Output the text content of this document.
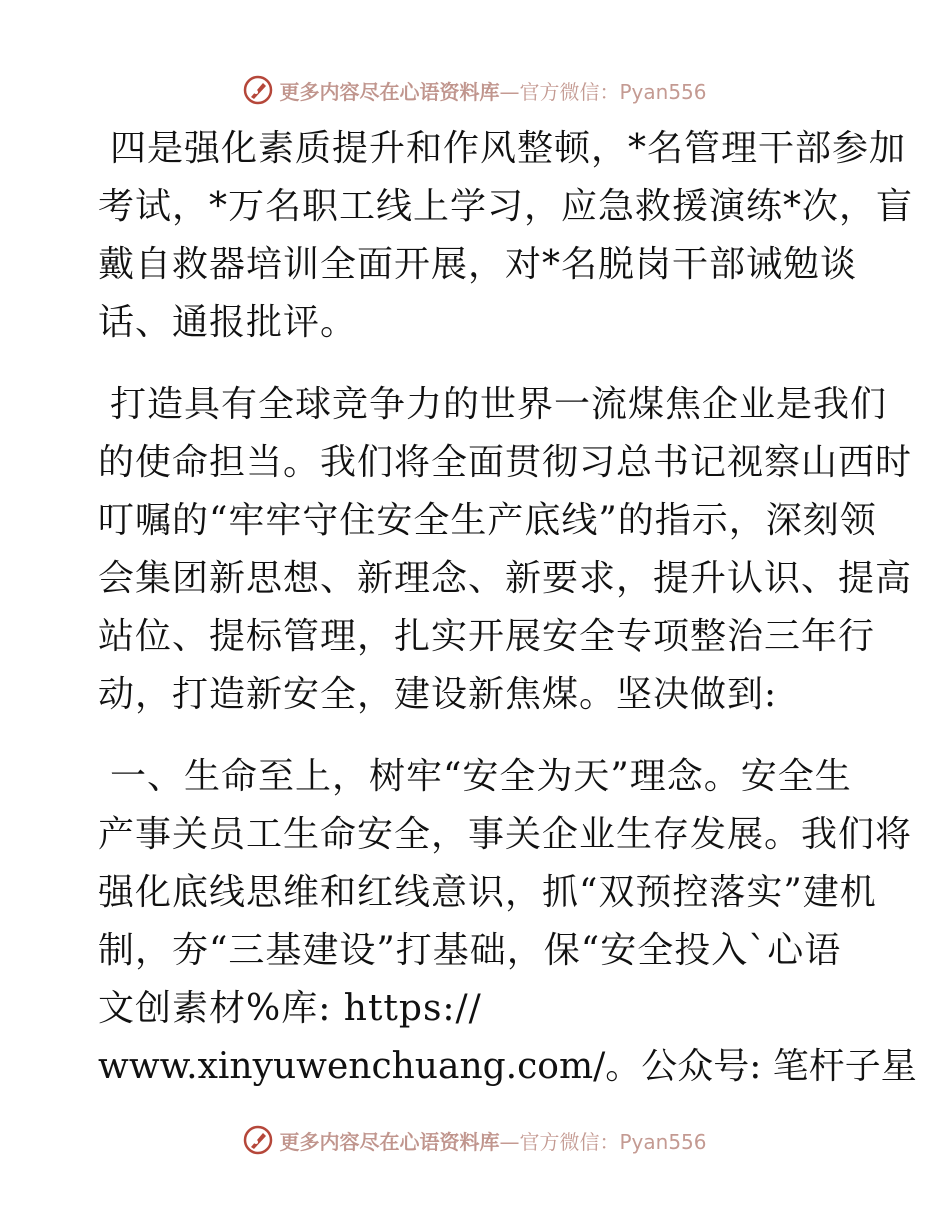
更多内容尽在心语资料库—官方微信：Pyan556
四是强化素质提升和作风整顿，*名管理干部参加
考试，*万名职工线上学习，应急救援演练*次，盲
戴自救器培训全面开展，对*名脱岗干部诫勉谈
话、通报批评。
打造具有全球竞争力的世界一流煤焦企业是我们
的使命担当。我们将全面贯彻习总书记视察山西时
叮嘱的“牢牢守住安全生产底线”的指示，深刻领
会集团新思想、新理念、新要求，提升认识、提高
站位、提标管理，扎实开展安全专项整治三年行
动，打造新安全，建设新焦煤。坚决做到:
一、生命至上，树牢“安全为天”理念。安全生
产事关员工生命安全，事关企业生存发展。我们将
强化底线思维和红线意识，抓“双预控落实”建机
制，夯“三基建设”打基础，保“安全投入`心语
文创素材%库: https://
www.xinyuwenchuang.com/。公众号: 笔杆子星
更多内容尽在心语资料库—官方微信：Pyan556
